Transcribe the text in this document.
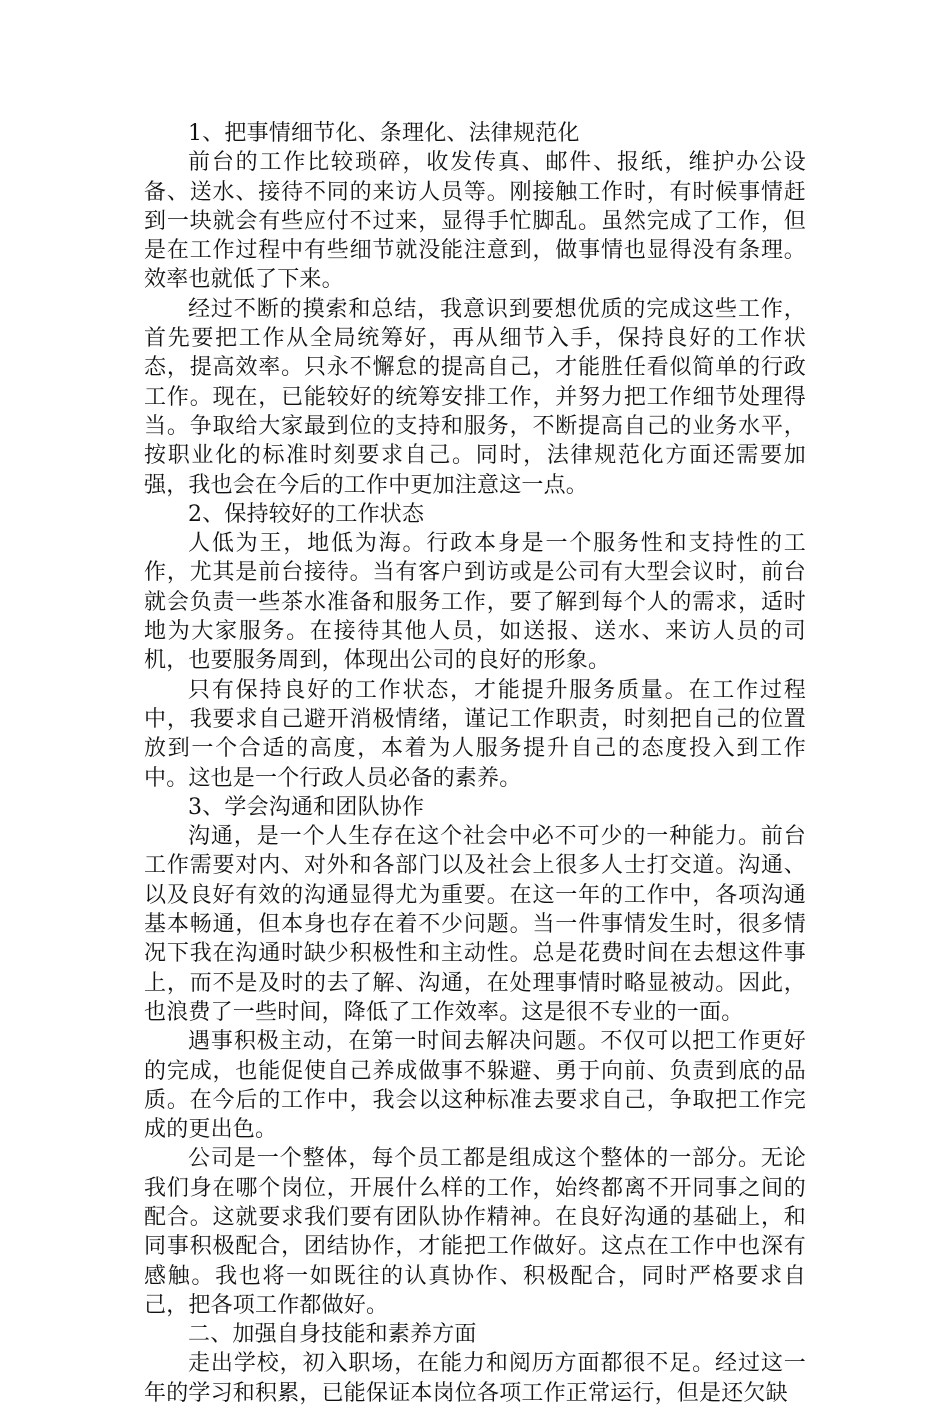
1、把事情细节化、条理化、法律规范化

前台的工作比较琐碎，收发传真、邮件、报纸，维护办公设备、送水、接待不同的来访人员等。刚接触工作时，有时候事情赶到一块就会有些应付不过来，显得手忙脚乱。虽然完成了工作，但是在工作过程中有些细节就没能注意到，做事情也显得没有条理。效率也就低了下来。

经过不断的摸索和总结，我意识到要想优质的完成这些工作，首先要把工作从全局统筹好，再从细节入手，保持良好的工作状态，提高效率。只永不懈怠的提高自己，才能胜任看似简单的行政工作。现在，已能较好的统筹安排工作，并努力把工作细节处理得当。争取给大家最到位的支持和服务，不断提高自己的业务水平，按职业化的标准时刻要求自己。同时，法律规范化方面还需要加强，我也会在今后的工作中更加注意这一点。

2、保持较好的工作状态

人低为王，地低为海。行政本身是一个服务性和支持性的工作，尤其是前台接待。当有客户到访或是公司有大型会议时，前台就会负责一些茶水准备和服务工作，要了解到每个人的需求，适时地为大家服务。在接待其他人员，如送报、送水、来访人员的司机，也要服务周到，体现出公司的良好的形象。

只有保持良好的工作状态，才能提升服务质量。在工作过程中，我要求自己避开消极情绪，谨记工作职责，时刻把自己的位置放到一个合适的高度，本着为人服务提升自己的态度投入到工作中。这也是一个行政人员必备的素养。

3、学会沟通和团队协作

沟通，是一个人生存在这个社会中必不可少的一种能力。前台工作需要对内、对外和各部门以及社会上很多人士打交道。沟通、以及良好有效的沟通显得尤为重要。在这一年的工作中，各项沟通基本畅通，但本身也存在着不少问题。当一件事情发生时，很多情况下我在沟通时缺少积极性和主动性。总是花费时间在去想这件事上，而不是及时的去了解、沟通，在处理事情时略显被动。因此，也浪费了一些时间，降低了工作效率。这是很不专业的一面。

遇事积极主动，在第一时间去解决问题。不仅可以把工作更好的完成，也能促使自己养成做事不躲避、勇于向前、负责到底的品质。在今后的工作中，我会以这种标准去要求自己，争取把工作完成的更出色。

公司是一个整体，每个员工都是组成这个整体的一部分。无论我们身在哪个岗位，开展什么样的工作，始终都离不开同事之间的配合。这就要求我们要有团队协作精神。在良好沟通的基础上，和同事积极配合，团结协作，才能把工作做好。这点在工作中也深有感触。我也将一如既往的认真协作、积极配合，同时严格要求自己，把各项工作都做好。

二、加强自身技能和素养方面

走出学校，初入职场，在能力和阅历方面都很不足。经过这一年的学习和积累，已能保证本岗位各项工作正常运行，但是还欠缺
